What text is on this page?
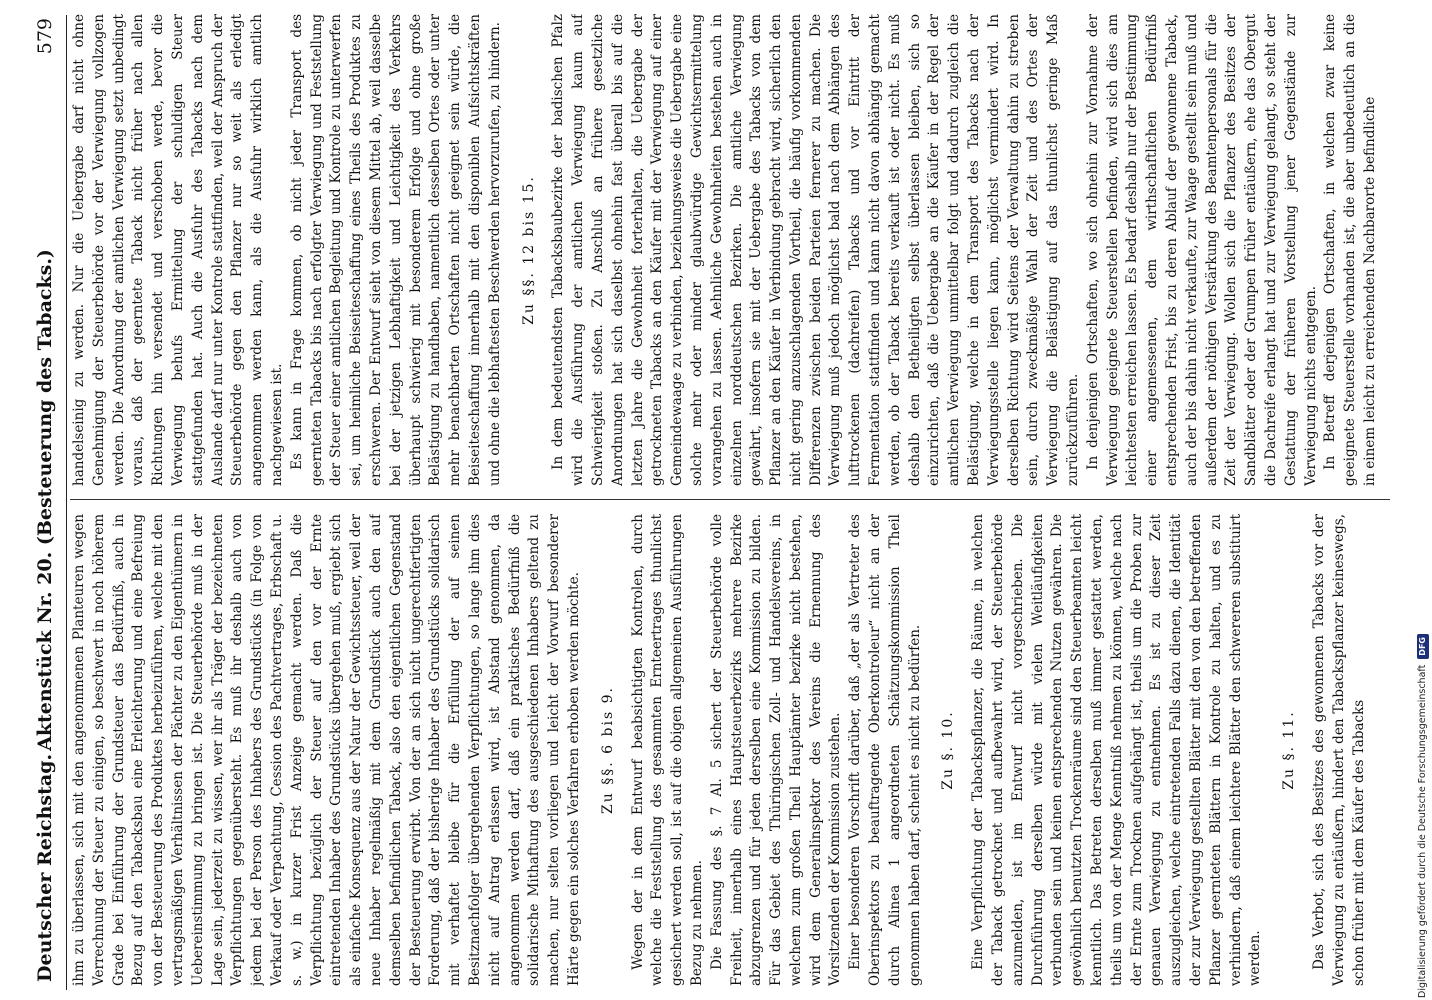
Deutscher Reichstag.
Aktenstück Nr. 20. (Besteuerung des Tabacks.)
579

ihm zu überlassen, sich mit den angenommenen Planteuren wegen Verrechnung der Steuer zu einigen, so beschwert in noch höherem Grade bei Einführung der Grundsteuer das Bedürfniß, auch in Bezug auf den Tabacksbau eine Erleichterung und eine Befreiung von der Besteuerung des Produktes herbeizuführen, welche mit den vertragsmäßigen Verhältnissen der Pächter zu den Eigenthümern in Uebereinstimmung zu bringen ist. Die Steuerbehörde muß in der Lage sein, jederzeit zu wissen, wer ihr als Träger der bezeichneten Verpflichtungen gegenübersteht. Es muß ihr deshalb auch von jedem bei der Person des Inhabers des Grundstücks (in Folge von Verkauf oder Verpachtung, Cession des Pachtvertrages, Erbschaft u. s. w.) in kurzer Frist Anzeige gemacht werden. Daß die Verpflichtung bezüglich der Steuer auf den vor der Ernte eintretenden Inhaber des Grundstücks übergehen muß, ergiebt sich als einfache Konsequenz aus der Natur der Gewichtssteuer, weil der neue Inhaber regelmäßig mit dem Grundstück auch den auf demselben befindlichen Taback, also den eigentlichen Gegenstand der Besteuerung erwirbt. Von der an sich nicht ungerechtfertigten Forderung, daß der bisherige Inhaber des Grundstücks solidarisch mit verhaftet bleibe für die Erfüllung der auf seinen Besitznachfolger übergehenden Verpflichtungen, so lange ihm dies nicht auf Antrag erlassen wird, ist Abstand genommen, da angenommen werden darf, daß ein praktisches Bedürfniß die solidarische Mithaftung des ausgeschiedenen Inhabers geltend zu machen, nur selten vorliegen und leicht der Vorwurf besonderer Härte gegen ein solches Verfahren erhoben werden möchte. Zu §§. 6 bis 9. Wegen der in dem Entwurf beabsichtigten Kontrolen, durch welche die Feststellung des gesammten Ernteertrages thunlichst gesichert werden soll, ist auf die obigen allgemeinen Ausführungen Bezug zu nehmen. Die Fassung des §. 7 Al. 5 sichert der Steuerbehörde volle Freiheit, innerhalb eines Hauptsteuerbezirks mehrere Bezirke abzugrenzen und für jeden derselben eine Kommission zu bilden. Für das Gebiet des Thüringischen Zoll- und Handelsvereins, in welchem zum großen Theil Hauptämter bezirke nicht bestehen, wird dem Generalinspektor des Vereins die Ernennung des Vorsitzenden der Kommission zustehen. Einer besonderen Vorschrift darüber, daß „der als Vertreter des Oberinspektors zu beauftragende Oberkontroleur“ nicht an der durch Alinea 1 angeordneten Schätzungskommission Theil genommen haben darf, scheint es nicht zu bedürfen. Zu §. 10. Eine Verpflichtung der Tabackspflanzer, die Räume, in welchen der Taback getrocknet und aufbewahrt wird, der Steuerbehörde anzumelden, ist im Entwurf nicht vorgeschrieben. Die Durchführung derselben würde mit vielen Weitläufigkeiten verbunden sein und keinen entsprechenden Nutzen gewähren. Die gewöhnlich benutzten Trockenräume sind den Steuerbeamten leicht kenntlich. Das Betreten derselben muß immer gestattet werden, theils um von der Menge Kenntniß nehmen zu können, welche nach der Ernte zum Trocknen aufgehängt ist, theils um die Proben zur genauen Verwiegung zu entnehmen. Es ist zu dieser Zeit auszugleichen, welche eintretenden Falls dazu dienen, die Identität der zur Verwiegung gestellten Blätter mit den von den betreffenden Pflanzer geernteten Blättern in Kontrole zu halten, und es zu verhindern, daß einem leichtere Blätter den schwereren substituirt werden.

Zu §. 11. Das Verbot, sich des Besitzes des gewonnenen Tabacks vor der Verwiegung zu entäußern, hindert den Tabackspflanzer keineswegs, schon früher mit dem Käufer des Tabacks

handelseinig zu werden. Nur die Uebergabe darf nicht ohne Genehmigung der Steuerbehörde vor der Verwiegung vollzogen werden. Die Anordnung der amtlichen Verwiegung setzt unbedingt voraus, daß der geerntete Taback nicht früher nach allen Richtungen hin versendet und verschoben werde, bevor die Verwiegung behufs Ermittelung der schuldigen Steuer stattgefunden hat. Auch die Ausfuhr des Tabacks nach dem Auslande darf nur unter Kontrole stattfinden, weil der Anspruch der Steuerbehörde gegen den Pflanzer nur so weit als erledigt angenommen werden kann, als die Ausfuhr wirklich amtlich nachgewiesen ist. Es kann in Frage kommen, ob nicht jeder Transport des geernteten Tabacks bis nach erfolgter Verwiegung und Feststellung der Steuer einer amtlichen Begleitung und Kontrole zu unterwerfen sei, um heimliche Beiseiteschaffung eines Theils des Produktes zu erschweren. Der Entwurf sieht von diesem Mittel ab, weil dasselbe bei der jetzigen Lebhaftigkeit und Leichtigkeit des Verkehrs überhaupt schwierig mit besonderem Erfolge und ohne große Belästigung zu handhaben, namentlich desselben Ortes oder unter mehr benachbarten Ortschaften nicht geeignet sein würde, die Beiseiteschaffung innerhalb mit den disponiblen Aufsichtskräften und ohne die lebhaftesten Beschwerden hervorzurufen, zu hindern. Zu §§. 12 bis 15. In dem bedeutendsten Tabacksbaubezirke der badischen Pfalz wird die Ausführung der amtlichen Verwiegung kaum auf Schwierigkeit stoßen. Zu Anschluß an frühere gesetzliche Anordnungen hat sich daselbst ohnehin fast überall bis auf die letzten Jahre die Gewohnheit forterhalten, die Uebergabe der getrockneten Tabacks an den Käufer mit der Verwiegung auf einer Gemeindewaage zu verbinden, beziehungsweise die Uebergabe eine solche mehr oder minder glaubwürdige Gewichtsermittelung vorangehen zu lassen. Aehnliche Gewohnheiten bestehen auch in einzelnen norddeutschen Bezirken. Die amtliche Verwiegung gewährt, insofern sie mit der Uebergabe des Tabacks von dem Pflanzer an den Käufer in Verbindung gebracht wird, sicherlich den nicht gering anzuschlagenden Vortheil, die häufig vorkommenden Differenzen zwischen beiden Parteien fernerer zu machen. Die Verwiegung muß jedoch möglichst bald nach dem Abhängen des lufttrockenen (dachreifen) Tabacks und vor Eintritt der Fermentation stattfinden und kann nicht davon abhängig gemacht werden, ob der Taback bereits verkauft ist oder nicht. Es muß deshalb den Betheiligten selbst überlassen bleiben, sich so einzurichten, daß die Uebergabe an die Käufer in der Regel der amtlichen Verwiegung unmittelbar folgt und dadurch zugleich die Belästigung, welche in dem Transport des Tabacks nach der Verwiegungsstelle liegen kann, möglichst vermindert wird. In derselben Richtung wird Seitens der Verwaltung dahin zu streben sein, durch zweckmäßige Wahl der Zeit und des Ortes der Verwiegung die Belästigung auf das thunlichst geringe Maß zurückzuführen. In denjenigen Ortschaften, wo sich ohnehin zur Vornahme der Verwiegung geeignete Steuerstellen befinden, wird sich dies am leichtesten erreichen lassen. Es bedarf deshalb nur der Bestimmung einer angemessenen, dem wirthschaftlichen Bedürfniß entsprechenden Frist, bis zu deren Ablauf der gewonnene Taback, auch der bis dahin nicht verkaufte, zur Waage gestellt sein muß und außerdem der nöthigen Verstärkung des Beamtenpersonals für die Zeit der Verwiegung. Wollen sich die Pflanzer des Besitzes der Sandblätter oder der Grumpen früher entäußern, ehe das Obergut die Dachreife erlangt hat und zur Verwiegung gelangt, so steht der Gestattung der früheren Vorstellung jener Gegenstände zur Verwiegung nichts entgegen. In Betreff derjenigen Ortschaften, in welchen zwar keine geeignete Steuerstelle vorhanden ist, die aber unbedeutlich an die in einem leicht zu erreichenden Nachbarorte befindliche

Digitalisierung gefördert durch die Deutsche Forschungsgemeinschaft
DFG
